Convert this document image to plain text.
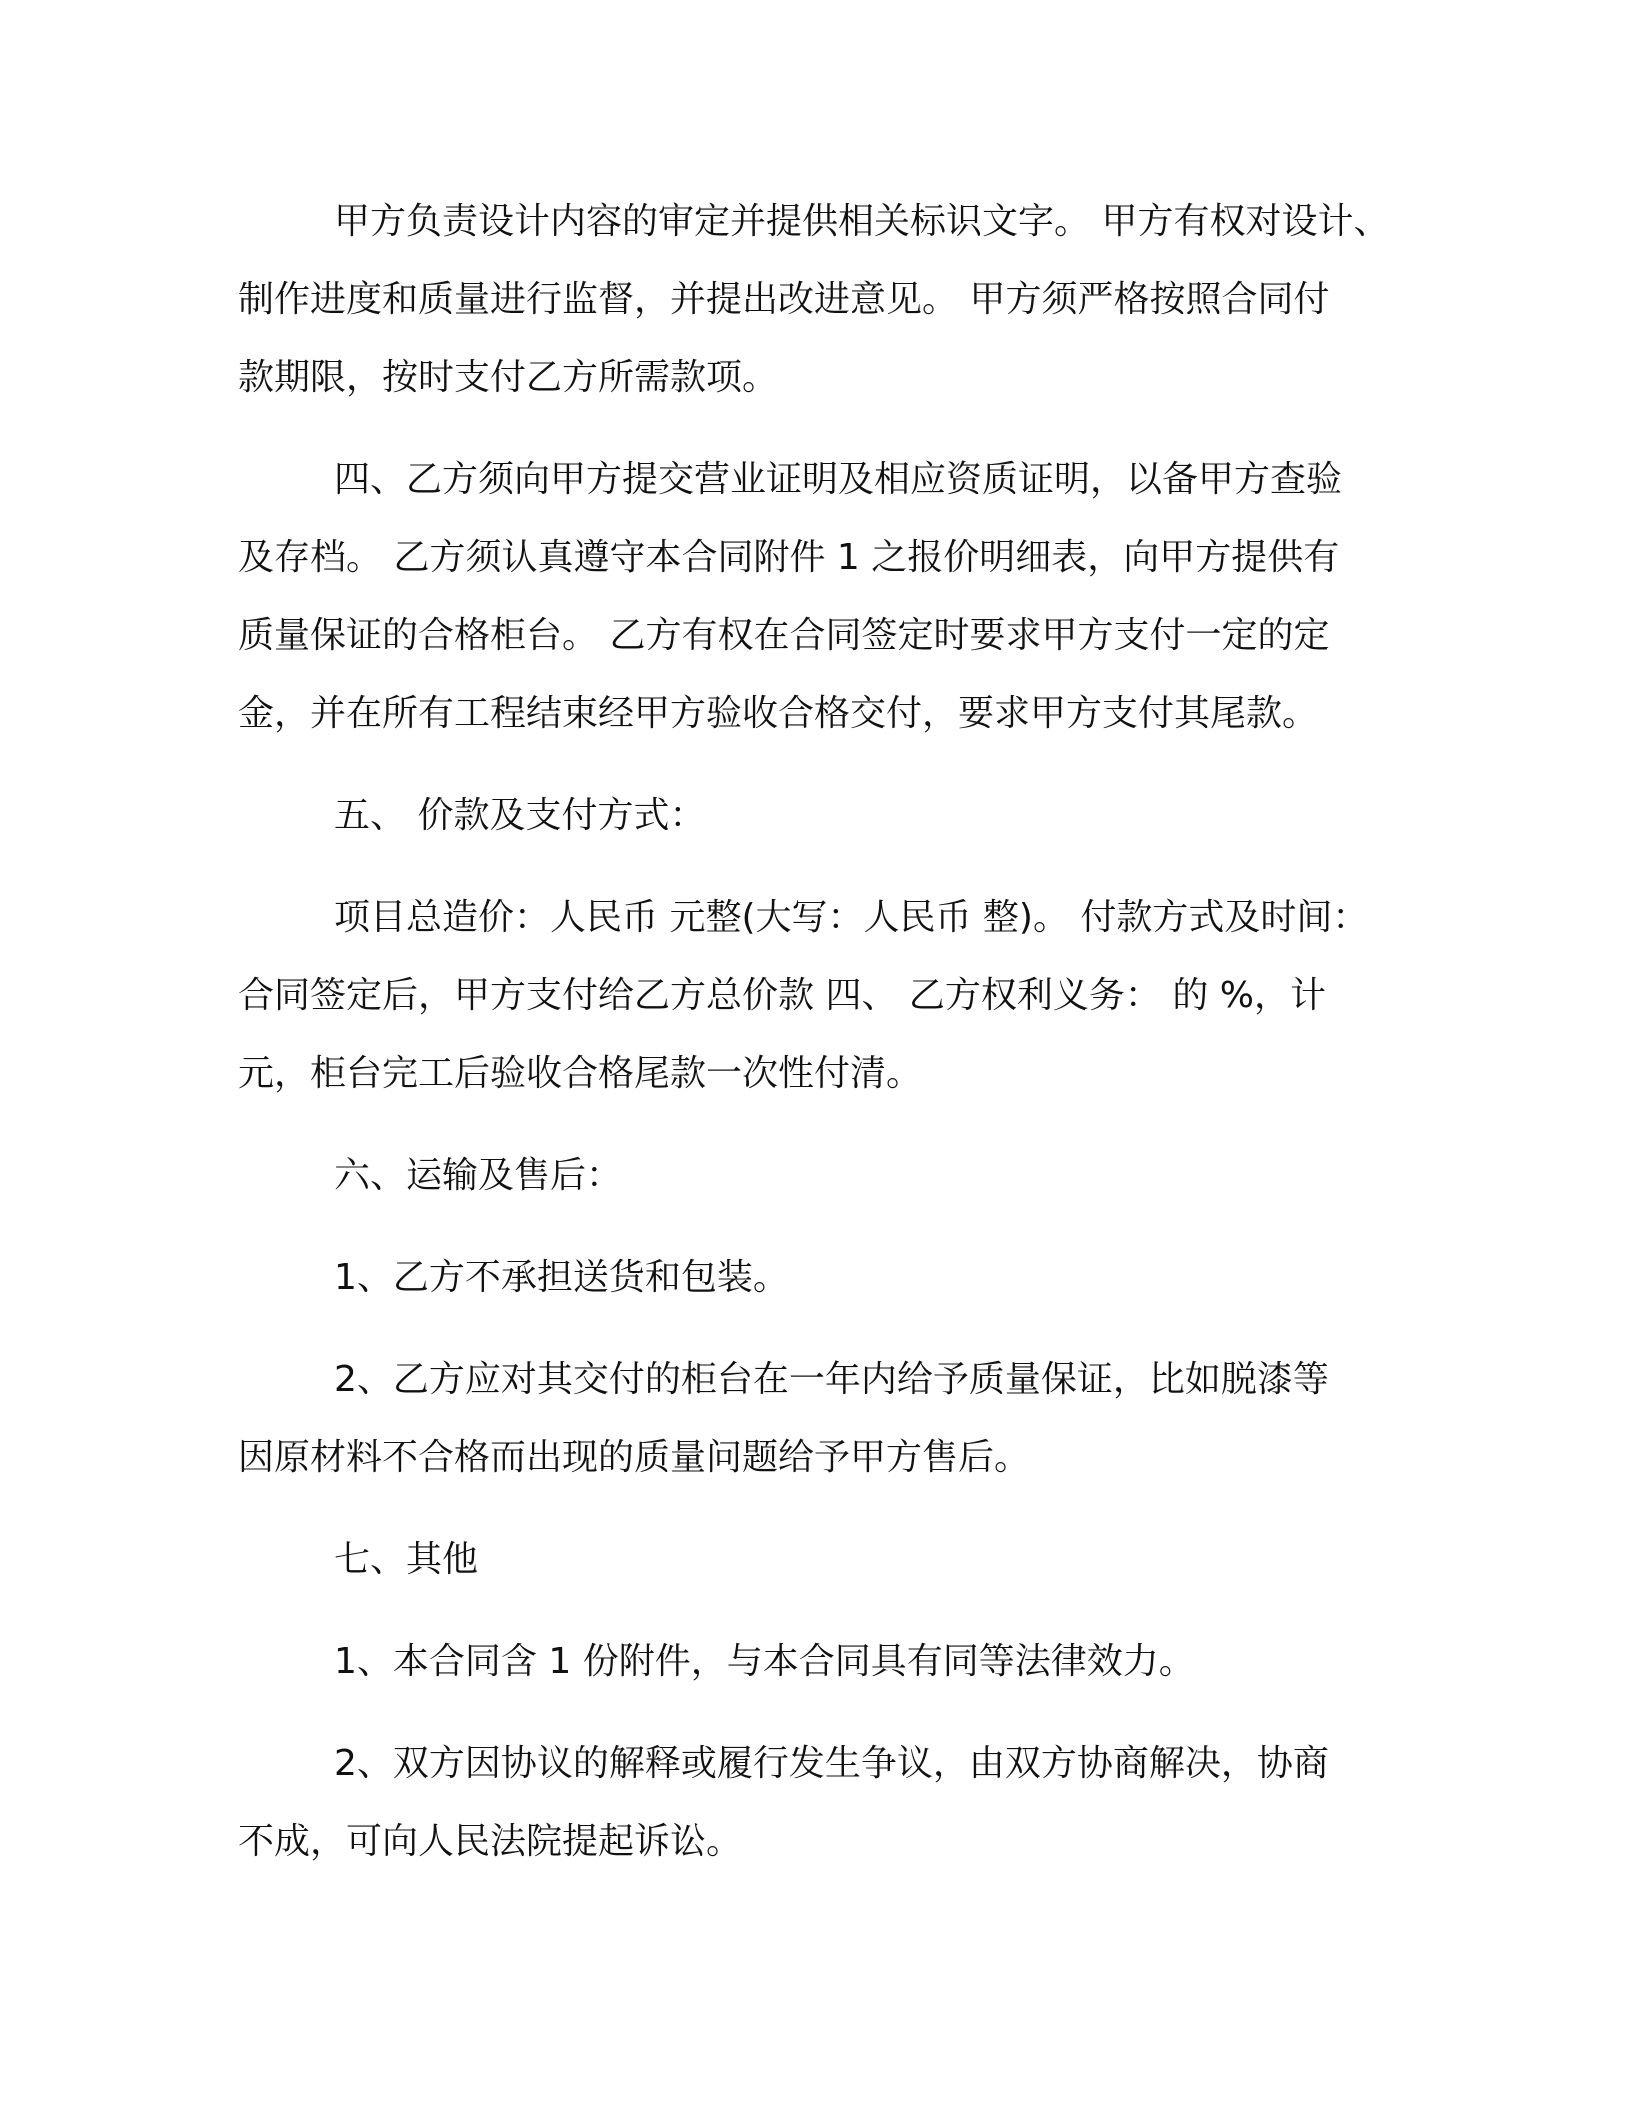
甲方负责设计内容的审定并提供相关标识文字。 甲方有权对设计、
制作进度和质量进行监督，并提出改进意见。 甲方须严格按照合同付
款期限，按时支付乙方所需款项。
四、乙方须向甲方提交营业证明及相应资质证明，以备甲方查验
及存档。 乙方须认真遵守本合同附件 1 之报价明细表，向甲方提供有
质量保证的合格柜台。 乙方有权在合同签定时要求甲方支付一定的定
金，并在所有工程结束经甲方验收合格交付，要求甲方支付其尾款。
五、 价款及支付方式：
项目总造价：人民币 元整(大写：人民币 整)。 付款方式及时间：
合同签定后，甲方支付给乙方总价款 四、 乙方权利义务： 的 %，计
元，柜台完工后验收合格尾款一次性付清。
六、运输及售后：
1、乙方不承担送货和包装。
2、乙方应对其交付的柜台在一年内给予质量保证，比如脱漆等
因原材料不合格而出现的质量问题给予甲方售后。
七、其他
1、本合同含 1 份附件，与本合同具有同等法律效力。
2、双方因协议的解释或履行发生争议，由双方协商解决，协商
不成，可向人民法院提起诉讼。
